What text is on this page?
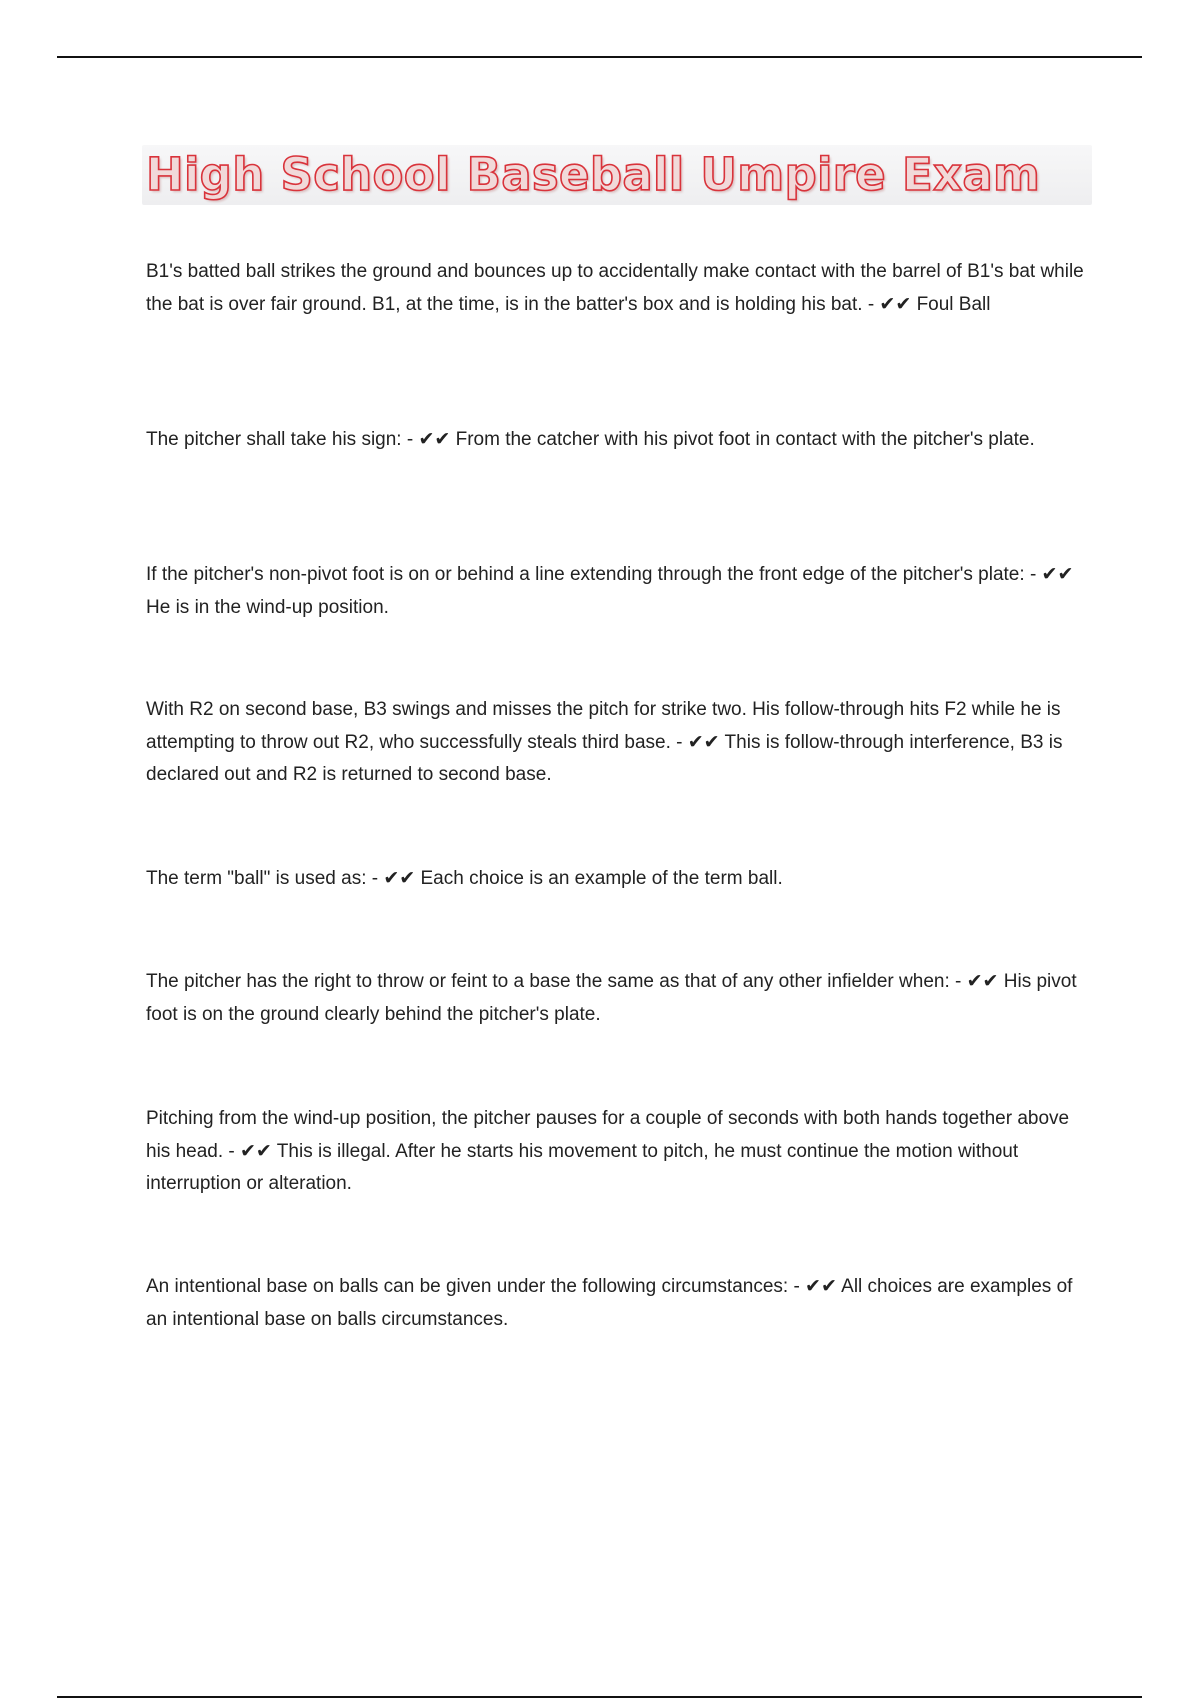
High School Baseball Umpire Exam
B1's batted ball strikes the ground and bounces up to accidentally make contact with the barrel of B1's bat while the bat is over fair ground. B1, at the time, is in the batter's box and is holding his bat. - ✔✔ Foul Ball
The pitcher shall take his sign: - ✔✔ From the catcher with his pivot foot in contact with the pitcher's plate.
If the pitcher's non-pivot foot is on or behind a line extending through the front edge of the pitcher's plate: - ✔✔ He is in the wind-up position.
With R2 on second base, B3 swings and misses the pitch for strike two. His follow-through hits F2 while he is attempting to throw out R2, who successfully steals third base. - ✔✔ This is follow-through interference, B3 is declared out and R2 is returned to second base.
The term "ball" is used as: - ✔✔ Each choice is an example of the term ball.
The pitcher has the right to throw or feint to a base the same as that of any other infielder when: - ✔✔ His pivot foot is on the ground clearly behind the pitcher's plate.
Pitching from the wind-up position, the pitcher pauses for a couple of seconds with both hands together above his head. - ✔✔ This is illegal. After he starts his movement to pitch, he must continue the motion without interruption or alteration.
An intentional base on balls can be given under the following circumstances: - ✔✔ All choices are examples of an intentional base on balls circumstances.
